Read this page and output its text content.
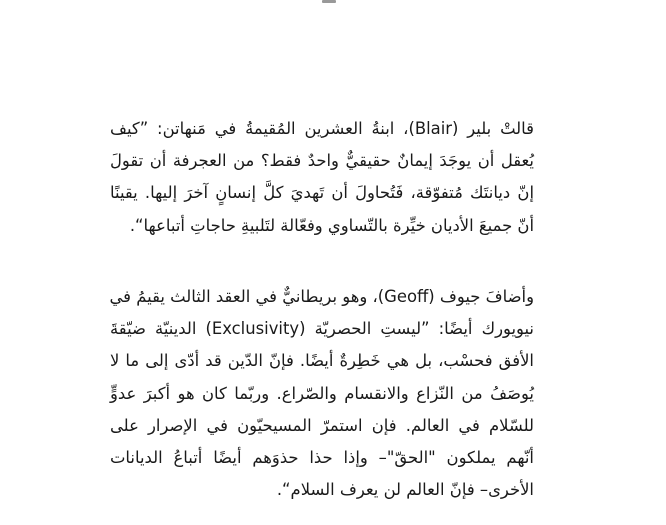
قالتْ بلير (Blair)، ابنةُ العشرين المُقيمةُ في مَنهاتن: ”كيف
يُعقل أن يوجَدَ إيمانٌ حقيقيٌّ واحدٌ فقط؟ من العجرفة أن تقولَ
إنّ ديانتَك مُتفوّقة، فَتُحاولَ أن تَهديَ كلَّ إنسانٍ آخرَ إليها. يقينًا
أنّ جميعَ الأديان خيِّرة بالتّساوي وفعّالة لتَلبيةِ حاجاتِ أتباعها“.
وأضافَ جيوف (Geoff)، وهو بريطانيٌّ في العقد الثالث يقيمُ في
نيويورك أيضًا: ”ليستِ الحصريّة (Exclusivity) الدينيّة ضيّقةَ
الأفق فحسْب، بل هي خَطِرةٌ أيضًا. فإنّ الدّين قد أدّى إلى ما لا
يُوصَفُ من النّزاع والانقسام والصّراع. وربّما كان هو أكبرَ عدوٍّ
للسّلام في العالم. فإن استمرّ المسيحيّون في الإصرار على
أنّهم يملكون "الحقّ"– وإذا حذا حذوَهم أيضًا أتباعُ الديانات
الأخرى– فإنّ العالم لن يعرف السلام“.
